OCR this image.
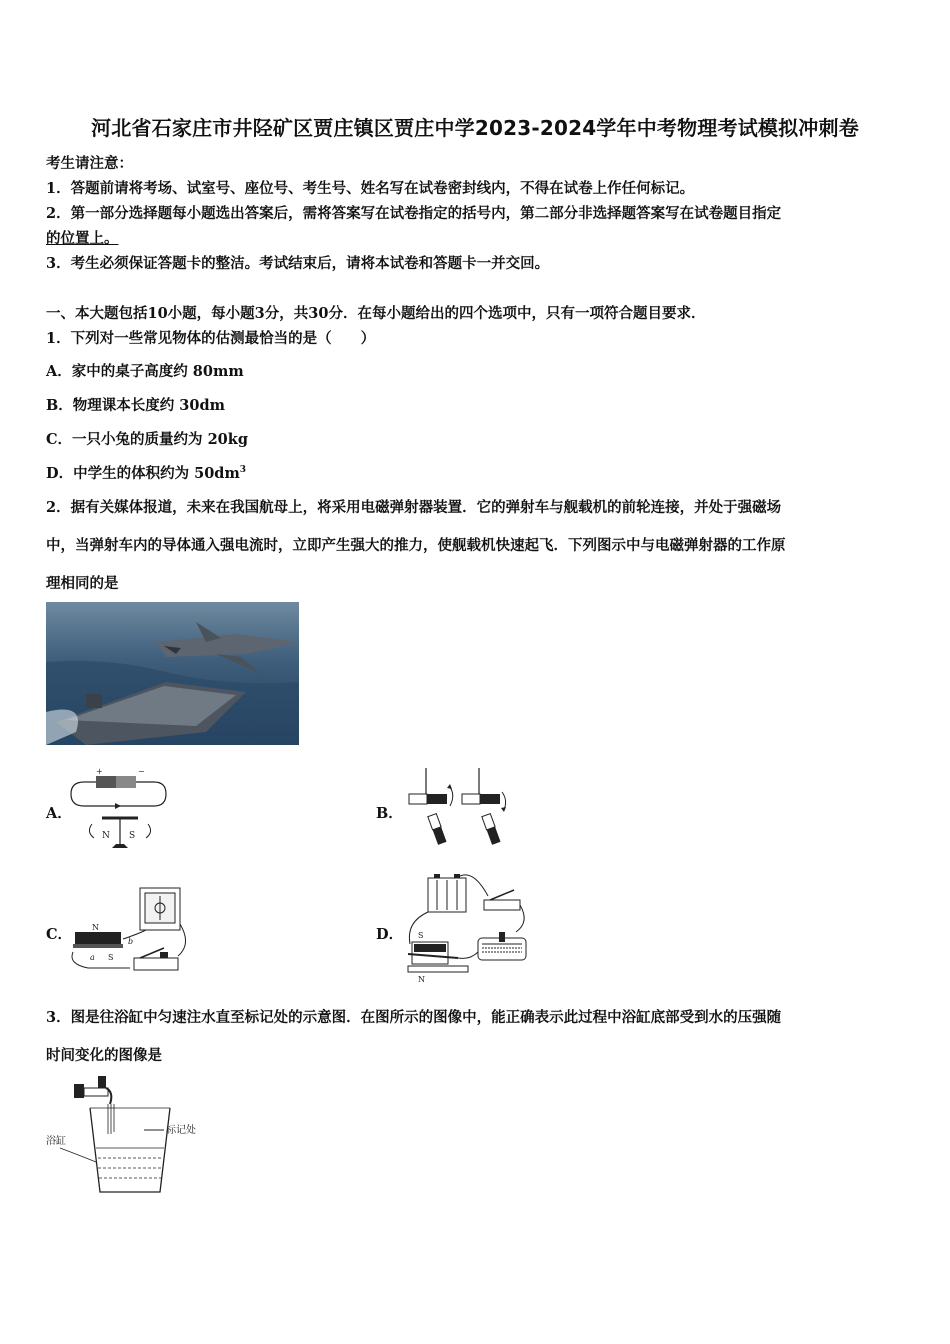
河北省石家庄市井陉矿区贾庄镇区贾庄中学2023-2024学年中考物理考试模拟冲刺卷
考生请注意：
1．答题前请将考场、试室号、座位号、考生号、姓名写在试卷密封线内，不得在试卷上作任何标记。
2．第一部分选择题每小题选出答案后，需将答案写在试卷指定的括号内，第二部分非选择题答案写在试卷题目指定
的位置上。
3．考生必须保证答题卡的整洁。考试结束后，请将本试卷和答题卡一并交回。
一、本大题包括10小题，每小题3分，共30分．在每小题给出的四个选项中，只有一项符合题目要求．
1．下列对一些常见物体的估测最恰当的是（　　）
A．家中的桌子高度约 80mm
B．物理课本长度约 30dm
C．一只小兔的质量约为 20kg
D．中学生的体积约为 $50dm^3$
2．据有关媒体报道，未来在我国航母上，将采用电磁弹射器装置．它的弹射车与舰载机的前轮连接，并处于强磁场
中，当弹射车内的导体通入强电流时，立即产生强大的推力，使舰载机快速起飞．下列图示中与电磁弹射器的工作原
理相同的是
A．	B．
C．	D．
+	−
N S
N
S
a
b
S
N
3．图是往浴缸中匀速注水直至标记处的示意图．在图所示的图像中，能正确表示此过程中浴缸底部受到水的压强随
时间变化的图像是
标记处
浴缸
